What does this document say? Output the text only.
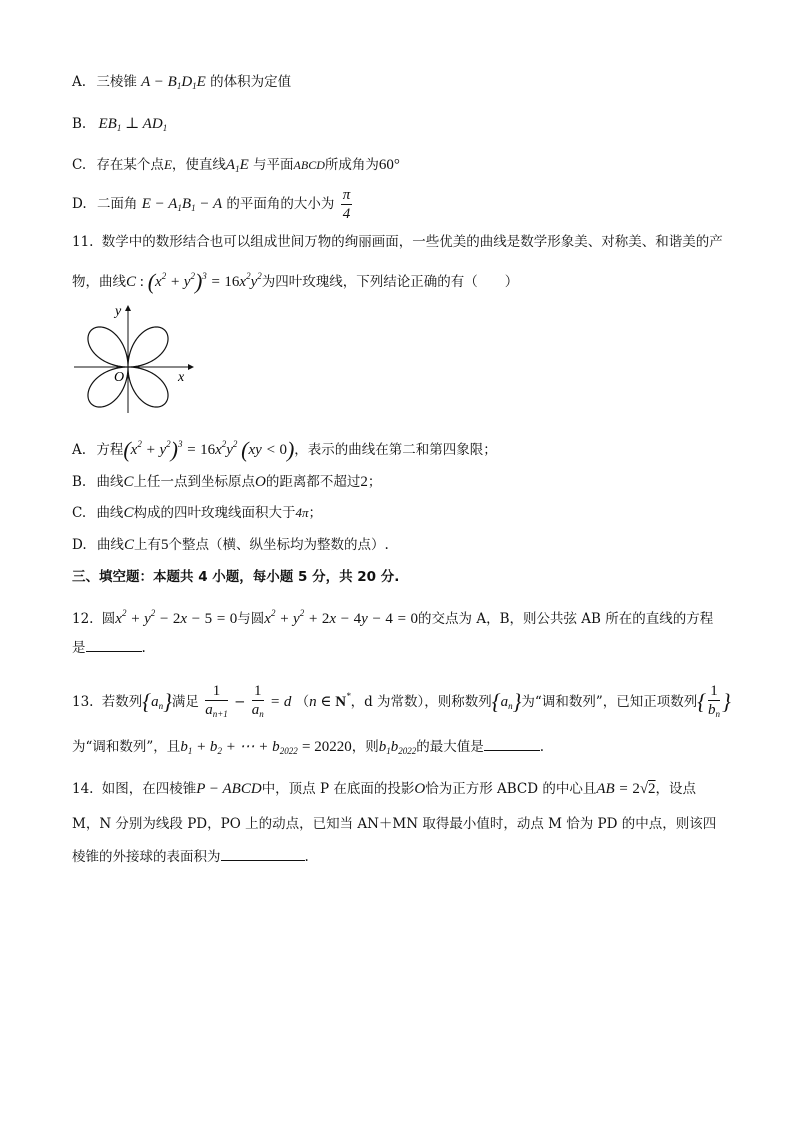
A. 三棱锥 $A - B_1D_1E$ 的体积为定值
B. $EB_1$ ⊥ $AD_1$
C. 存在某个点E，使直线$A_1E$ 与平面ABCD所成角为60°
D. 二面角 $E - A_1B_1 - A$ 的平面角的大小为 $\frac{\pi}{4}$
11. 数学中的数形结合也可以组成世间万物的绚丽画面，一些优美的曲线是数学形象美、对称美、和谐美的产
物，曲线C : $(x^2 + y^2)^3 = 16x^2y^2$为四叶玫瑰线，下列结论正确的有（　　）
y
x
O
A. 方程$(x^2 + y^2)^3 = 16x^2y^2$ (xy < 0)，表示的曲线在第二和第四象限；
B. 曲线C上任一点到坐标原点O的距离都不超过2；
C. 曲线C构成的四叶玫瑰线面积大于4π；
D. 曲线C上有5个整点（横、纵坐标均为整数的点）.
三、填空题：本题共 4 小题，每小题 5 分，共 20 分.
12. 圆$x^2 + y^2 - 2x - 5 = 0$与圆$x^2 + y^2 + 2x - 4y - 4 = 0$的交点为 A，B，则公共弦 AB 所在的直线的方程
是	.
13. 若数列$\{a_n\}$满足 $\frac{1}{a_{n+1}} - \frac{1}{a_n} = d$ （n ∈ N*，d 为常数），则称数列$\{a_n\}$为“调和数列”，已知正项数列{ $\frac{1}{b_n}$ }
为“调和数列”，且$b_1 + b_2$ + ⋯ + $b_{2022} = 20220$，则$b_1b_{2022}$的最大值是	.
14. 如图，在四棱锥P − ABCD中，顶点 P 在底面的投影O恰为正方形 ABCD 的中心且AB = 2√2，设点
M，N 分别为线段 PD，PO 上的动点，已知当 AN＋MN 取得最小值时，动点 M 恰为 PD 的中点，则该四
棱锥的外接球的表面积为	.
